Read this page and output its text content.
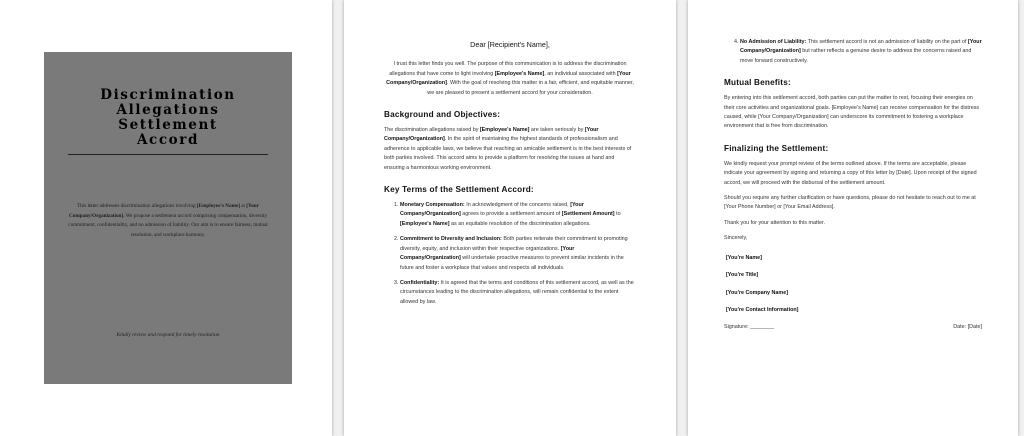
Discrimination
Allegations
Settlement
Accord
This letter addresses discrimination allegations involving [Employee's Name] at [Your Company/Organization]. We propose a settlement accord comprising compensation, diversity commitment, confidentiality, and no admission of liability. Our aim is to ensure fairness, mutual resolution, and workplace harmony.
Kindly review and respond for timely resolution
Dear [Recipient's Name],

I trust this letter finds you well. The purpose of this communication is to address the discrimination allegations that have come to light involving [Employee's Name], an individual associated with [Your Company/Organization]. With the goal of resolving this matter in a fair, efficient, and equitable manner, we are pleased to present a settlement accord for your consideration.

Background and Objectives:

The discrimination allegations raised by [Employee's Name] are taken seriously by [Your Company/Organization]. In the spirit of maintaining the highest standards of professionalism and adherence to applicable laws, we believe that reaching an amicable settlement is in the best interests of both parties involved. This accord aims to provide a platform for resolving the issues at hand and ensuring a harmonious working environment.

Key Terms of the Settlement Accord:
1. Monetary Compensation: In acknowledgment of the concerns raised, [Your Company/Organization] agrees to provide a settlement amount of [Settlement Amount] to [Employee's Name] as an equitable resolution of the discrimination allegations.
2. Commitment to Diversity and Inclusion: Both parties reiterate their commitment to promoting diversity, equity, and inclusion within their respective organizations. [Your Company/Organization] will undertake proactive measures to prevent similar incidents in the future and foster a workplace that values and respects all individuals.
3. Confidentiality: It is agreed that the terms and conditions of this settlement accord, as well as the circumstances leading to the discrimination allegations, will remain confidential to the extent allowed by law.
4. No Admission of Liability: This settlement accord is not an admission of liability on the part of [Your Company/Organization] but rather reflects a genuine desire to address the concerns raised and move forward constructively.
Mutual Benefits:

By entering into this settlement accord, both parties can put the matter to rest, focusing their energies on their core activities and organizational goals. [Employee's Name] can receive compensation for the distress caused, while [Your Company/Organization] can underscore its commitment to fostering a workplace environment that is free from discrimination.

Finalizing the Settlement:

We kindly request your prompt review of the terms outlined above. If the terms are acceptable, please indicate your agreement by signing and returning a copy of this letter by [Date]. Upon receipt of the signed accord, we will proceed with the disbursal of the settlement amount.

Should you require any further clarification or have questions, please do not hesitate to reach out to me at [Your Phone Number] or [Your Email Address].

Thank you for your attention to this matter.

Sincerely,

[You're Name]
[You're Title]
[You're Company Name]
[You're Contact Information]
Signature: ________	Date: [Date]
